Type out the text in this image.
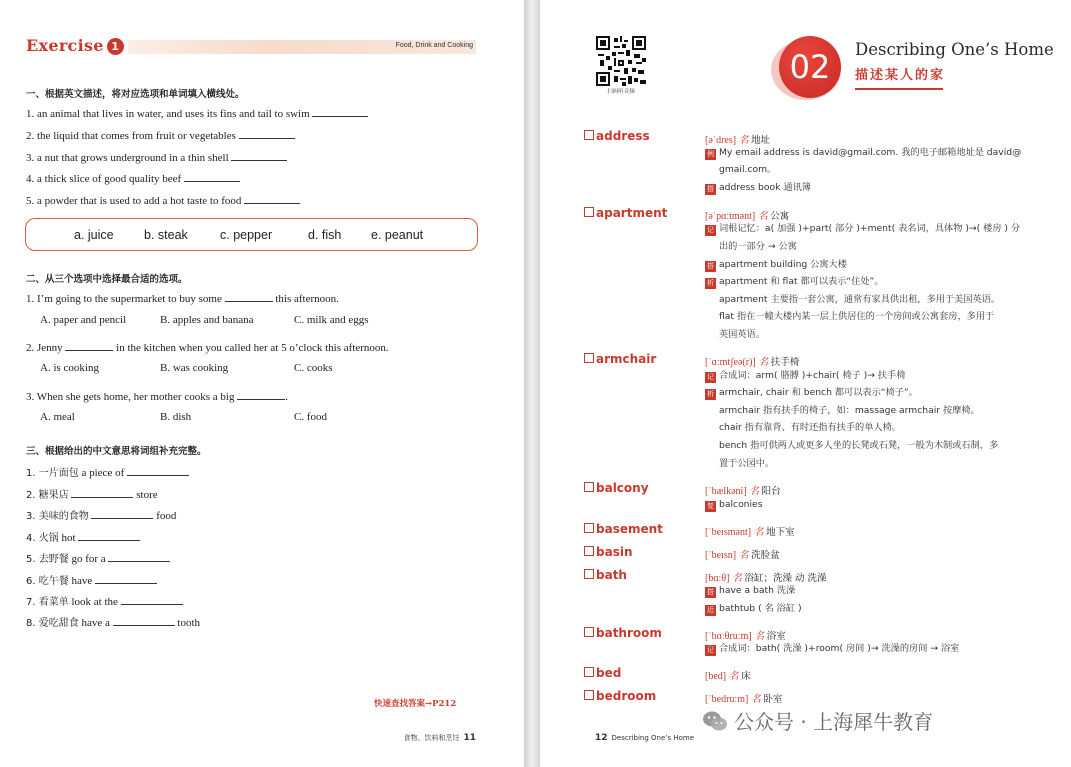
Exercise 1	Food, Drink and Cooking
一、根据英文描述，将对应选项和单词填入横线处。
1. an animal that lives in water, and uses its fins and tail to swim
2. the liquid that comes from fruit or vegetables
3. a nut that grows underground in a thin shell
4. a thick slice of good quality beef
5. a powder that is used to add a hot taste to food
a. juice b. steak	c. pepper	d. fish e. peanut
二、从三个选项中选择最合适的选项。
1. I’m going to the supermarket to buy some	this afternoon.
A. paper and pencil	B. apples and banana	C. milk and eggs
2. Jenny	in the kitchen when you called her at 5 o’clock this afternoon.
A. is cooking	B. was cooking	C. cooks
3. When she gets home, her mother cooks a big	.
A. meal	B. dish	C. food
三、根据给出的中文意思将词组补充完整。
1. 一片面包 a piece of
2. 糖果店	store
3. 美味的食物	food
4. 火锅 hot
5. 去野餐 go for a
6. 吃午餐 have
7. 看菜单 look at the
8. 爱吃甜食 have a	tooth
快速查找答案→P212
食物、饮料和烹饪 11
扫码听音频
02	Describing One’s Home
描述某人的家
address	[əˈdres] 名 地址
例 My email address is david@gmail.com. 我的电子邮箱地址是 david@
gmail.com。
搭 address book 通讯簿
apartment	[əˈpɑːtmənt] 名 公寓
记 词根记忆：a( 加强 )+part( 部分 )+ment( 表名词，具体物 )→( 楼房 ) 分
出的一部分 → 公寓
搭 apartment building 公寓大楼
析 apartment 和 flat 都可以表示“住处”。
apartment 主要指一套公寓，通常有家具供出租，多用于美国英语。
flat 指在一幢大楼内某一层上供居住的一个房间或公寓套房，多用于
英国英语。
armchair	[ˈɑːmtʃeə(r)] 名 扶手椅
记 合成词：arm( 胳膊 )+chair( 椅子 )→ 扶手椅
析 armchair, chair 和 bench 都可以表示“椅子”。
armchair 指有扶手的椅子，如：massage armchair 按摩椅。
chair 指有靠背、有时还指有扶手的单人椅。
bench 指可供两人或更多人坐的长凳或石凳，一般为木制或石制，多
置于公园中。
balcony	[ˈbælkəni] 名 阳台
复 balconies
basement	[ˈbeɪsmənt] 名 地下室
basin	[ˈbeɪsn] 名 洗脸盆
bath	[bɑːθ] 名 浴缸；洗澡 动 洗澡
搭 have a bath 洗澡
近 bathtub ( 名 浴缸 )
bathroom	[ˈbɑːθruːm] 名 浴室
记 合成词：bath( 洗澡 )+room( 房间 )→ 洗澡的房间 → 浴室
bed	[bed] 名 床
bedroom	[ˈbedruːm] 名 卧室
12 Describing One’s Home
公众号 · 上海犀牛教育
